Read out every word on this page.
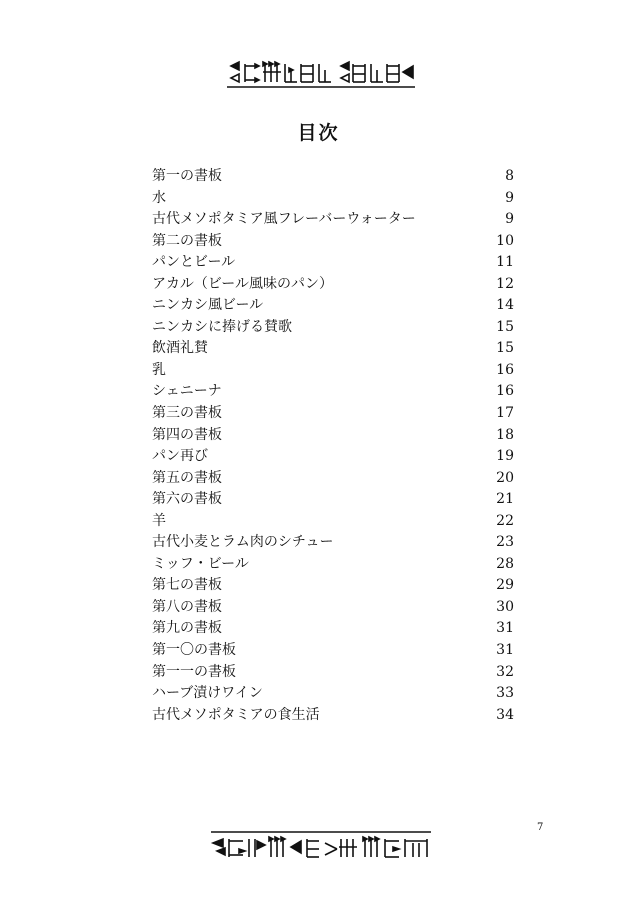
目次
第一の書板	8
水	9
古代メソポタミア風フレーバーウォーター	9
第二の書板	10
パンとビール	11
アカル（ビール風味のパン）	12
ニンカシ風ビール	14
ニンカシに捧げる賛歌	15
飲酒礼賛	15
乳	16
シェニーナ	16
第三の書板	17
第四の書板	18
パン再び	19
第五の書板	20
第六の書板	21
羊	22
古代小麦とラム肉のシチュー	23
ミッフ・ビール	28
第七の書板	29
第八の書板	30
第九の書板	31
第一〇の書板	31
第一一の書板	32
ハーブ漬けワイン	33
古代メソポタミアの食生活	34
7
